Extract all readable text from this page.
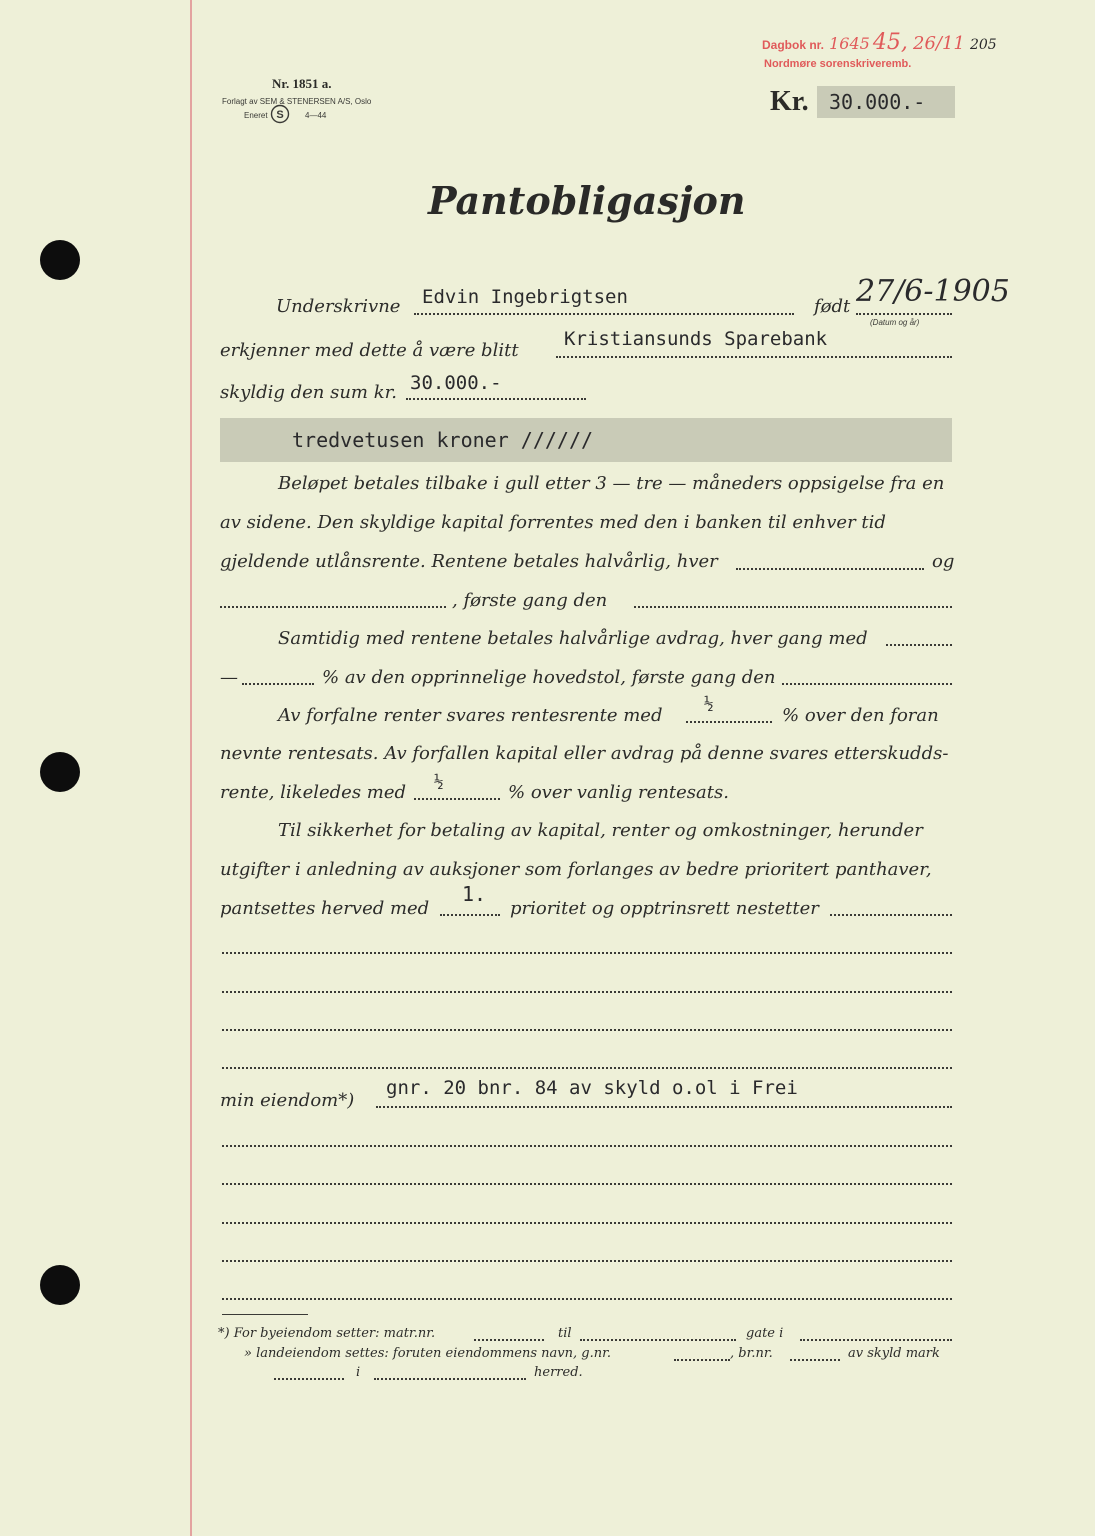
Dagbok nr. 1645 45, 26/11 205
Nordmøre sorenskriveremb.
Nr. 1851 a.
Forlagt av SEM & STENERSEN A/S, Oslo
Eneret S	4—44	Kr. 30.000.-
Pantobligasjon
Underskrivne Edvin Ingebrigtsen	født 27/6-1905
(Datum og år)
erkjenner med dette å være blitt
Kristiansunds Sparebank
skyldig den sum kr. 30.000.-
tredvetusen kroner //////
Beløpet betales tilbake i gull etter 3 — tre — måneders oppsigelse fra en
av sidene. Den skyldige kapital forrentes med den i banken til enhver tid
gjeldende utlånsrente. Rentene betales halvårlig, hver	og
, første gang den
Samtidig med rentene betales halvårlige avdrag, hver gang med
—	% av den opprinnelige hovedstol, første gang den
Av forfalne renter svares rentesrente med
½
% over den foran
nevnte rentesats. Av forfallen kapital eller avdrag på denne svares etterskudds-
rente, likeledes med
½
% over vanlig rentesats.
Til sikkerhet for betaling av kapital, renter og omkostninger, herunder
utgifter i anledning av auksjoner som forlanges av bedre prioritert panthaver,
pantsettes herved med
1.
prioritet og opptrinsrett nestetter
min eiendom*)
gnr. 20 bnr. 84 av skyld o.ol i Frei
*) For byeiendom setter: matr.nr.	til	gate i
» landeiendom settes: foruten eiendommens navn, g.nr.	, br.nr.	av skyld mark
i	herred.
